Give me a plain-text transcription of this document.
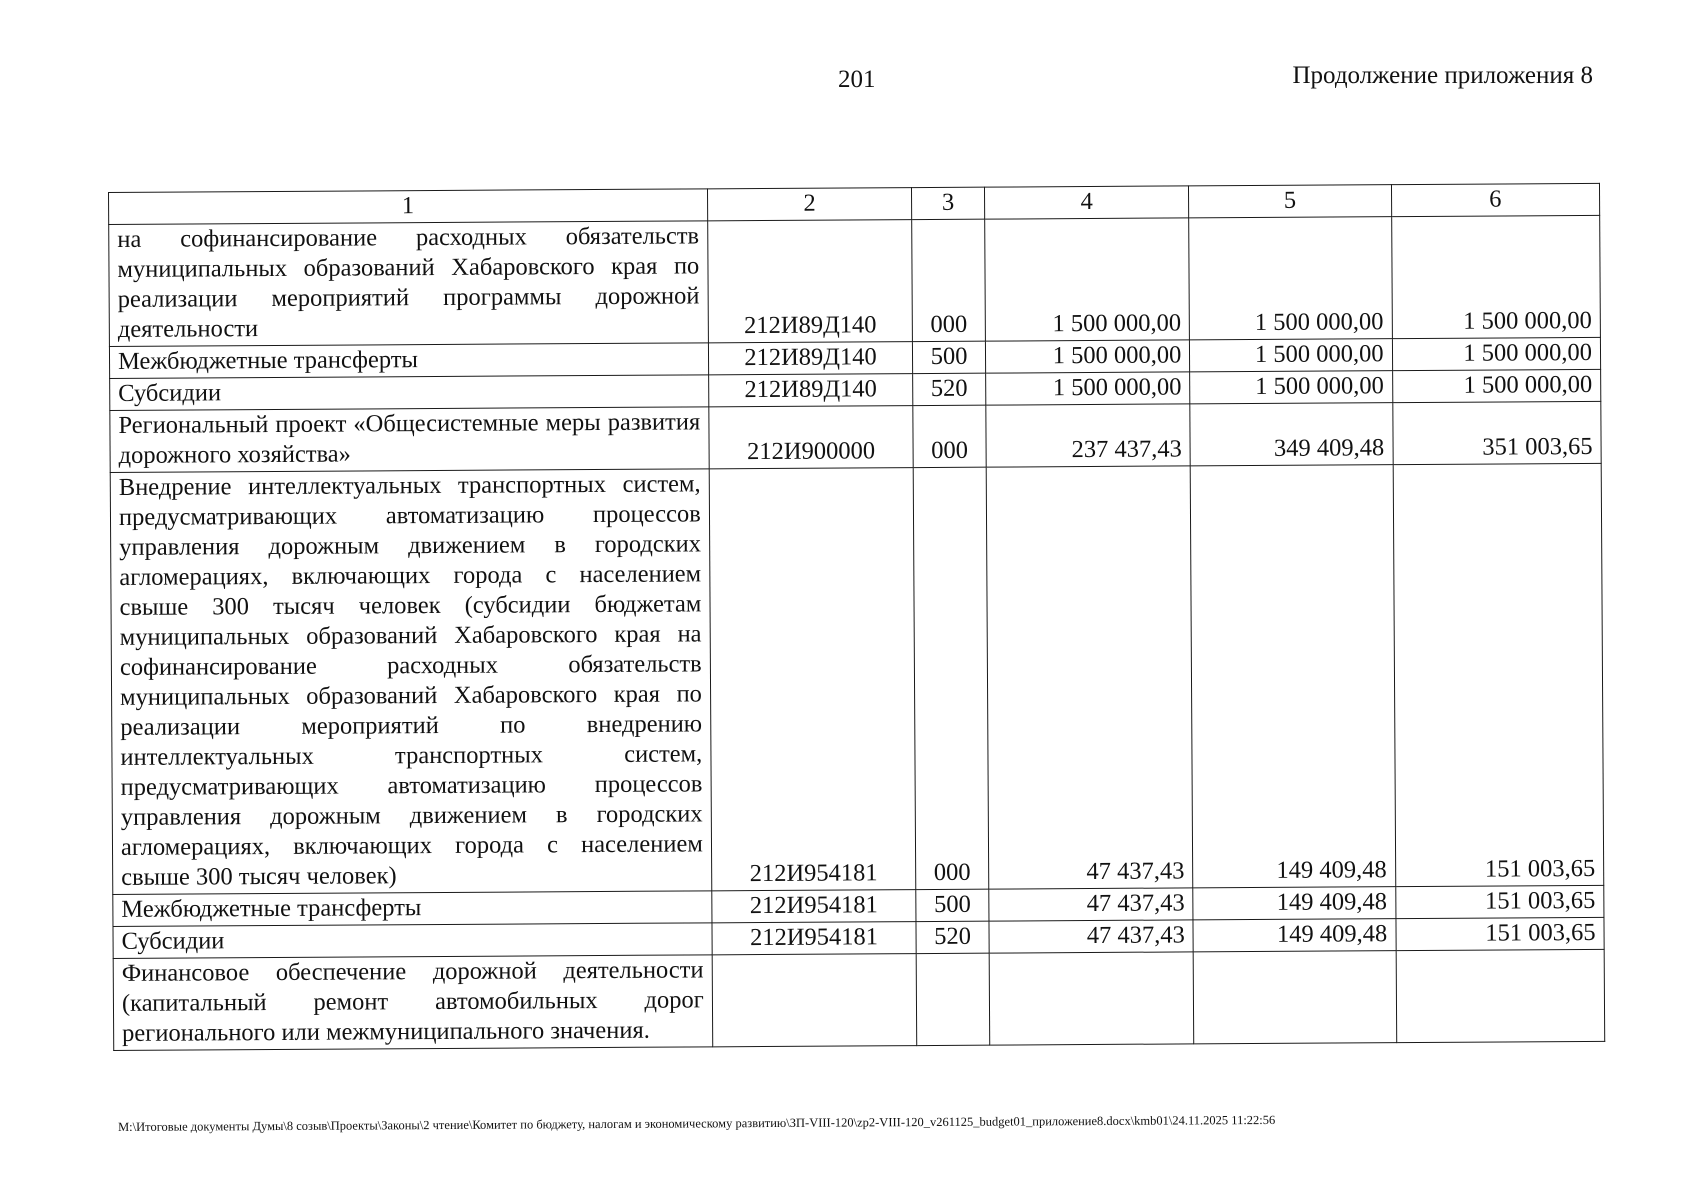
201	Продолжение приложения 8
1	2	3	4	5	6
на софинансирование расходных обязательств муниципальных образований Хабаровского края по реализации мероприятий программы дорожной деятельности	212И89Д140	000	1 500 000,00	1 500 000,00	1 500 000,00
Межбюджетные трансферты	212И89Д140	500	1 500 000,00	1 500 000,00	1 500 000,00
Субсидии	212И89Д140	520	1 500 000,00	1 500 000,00	1 500 000,00
Региональный проект «Общесистемные меры развития дорожного хозяйства»	212И900000	000	237 437,43	349 409,48	351 003,65
Внедрение интеллектуальных транспортных систем, предусматривающих автоматизацию процессов управления дорожным движением в городских агломерациях, включающих города с населением свыше 300 тысяч человек (субсидии бюджетам муниципальных образований Хабаровского края на софинансирование расходных обязательств муниципальных образований Хабаровского края по реализации мероприятий по внедрению интеллектуальных транспортных систем, предусматривающих автоматизацию процессов управления дорожным движением в городских агломерациях, включающих города с населением свыше 300 тысяч человек)	212И954181	000	47 437,43	149 409,48	151 003,65
Межбюджетные трансферты	212И954181	500	47 437,43	149 409,48	151 003,65
Субсидии	212И954181	520	47 437,43	149 409,48	151 003,65
Финансовое обеспечение дорожной деятельности (капитальный ремонт автомобильных дорог регионального или межмуниципального значения.					
М:\Итоговые документы Думы\8 созыв\Проекты\Законы\2 чтение\Комитет по бюджету, налогам и экономическому развитию\ЗП-VIII-120\zp2-VIII-120_v261125_budget01_приложение8.docx\kmb01\24.11.2025 11:22:56
